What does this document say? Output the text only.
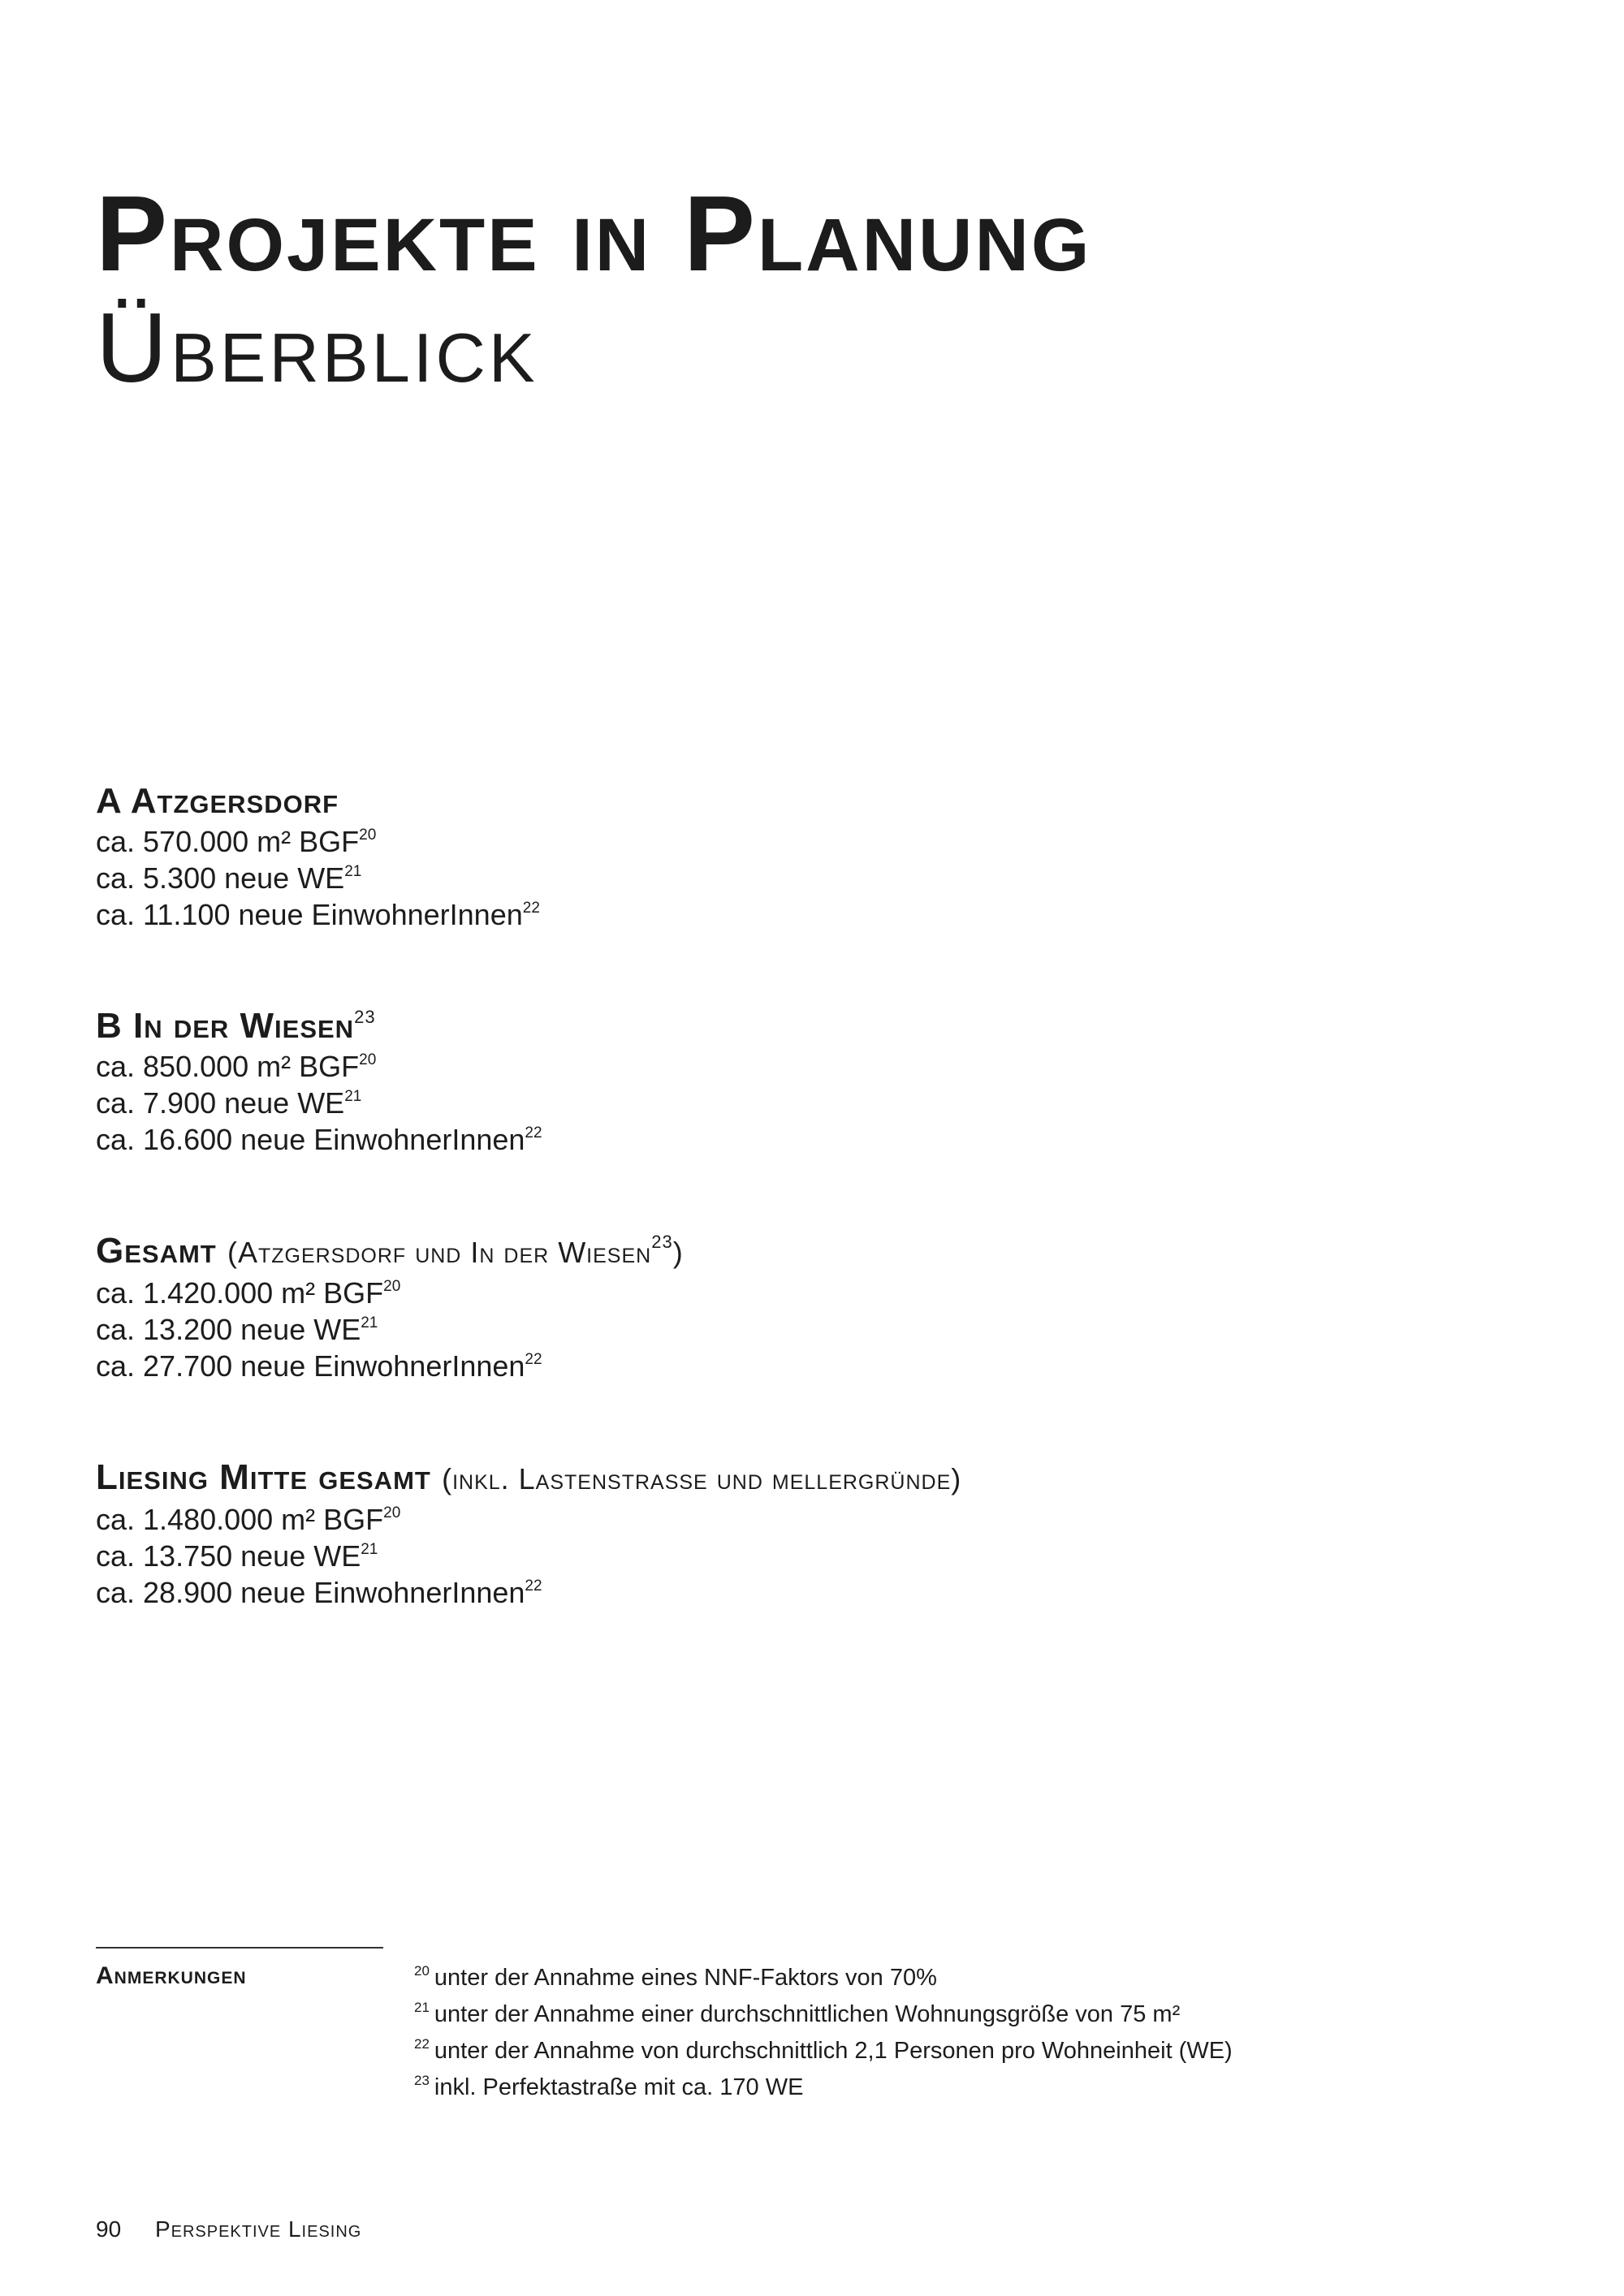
Projekte in Planung
Überblick
A Atzgersdorf
ca. 570.000 m² BGF$^{20}$
ca. 5.300 neue WE$^{21}$
ca. 11.100 neue EinwohnerInnen$^{22}$
B In der Wiesen$^{23}$
ca. 850.000 m² BGF$^{20}$
ca. 7.900 neue WE$^{21}$
ca. 16.600 neue EinwohnerInnen$^{22}$
Gesamt (Atzgersdorf und In der Wiesen$^{23}$)
ca. 1.420.000 m² BGF$^{20}$
ca. 13.200 neue WE$^{21}$
ca. 27.700 neue EinwohnerInnen$^{22}$
Liesing Mitte gesamt (inkl. Lastenstrasse und mellergründe)
ca. 1.480.000 m² BGF$^{20}$
ca. 13.750 neue WE$^{21}$
ca. 28.900 neue EinwohnerInnen$^{22}$
Anmerkungen	$^{20}$ unter der Annahme eines NNF-Faktors von 70%
$^{21}$ unter der Annahme einer durchschnittlichen Wohnungsgröße von 75 m²
$^{22}$ unter der Annahme von durchschnittlich 2,1 Personen pro Wohneinheit (WE)
$^{23}$ inkl. Perfektastraße mit ca. 170 WE
90 Perspektive Liesing
